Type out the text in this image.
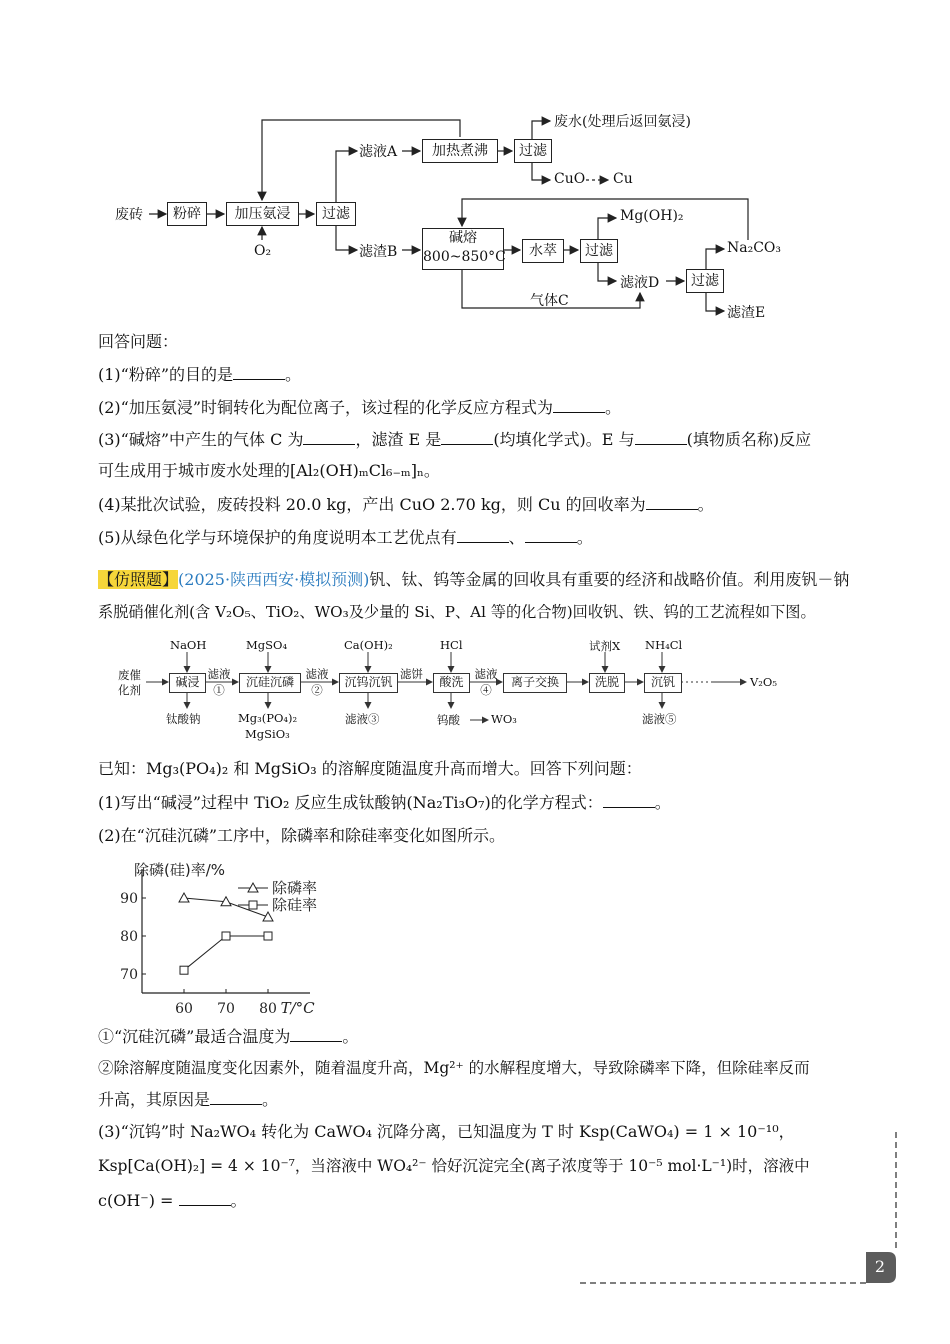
废砖	粉碎	加压氨浸
O₂
过滤
滤液A	加热煮沸	过滤
废水(处理后返回氨浸)
CuO Cu
滤渣B
碱熔
800~850°C	水萃	过滤
Mg(OH)₂
滤液D	过滤
Na₂CO₃
滤渣E
气体C
回答问题：
(1)“粉碎”的目的是	。
(2)“加压氨浸”时铜转化为配位离子，该过程的化学反应方程式为	。
(3)“碱熔”中产生的气体 C 为	，滤渣 E 是	(均填化学式)。E 与	(填物质名称)反应
可生成用于城市废水处理的[Al₂(OH)ₘCl₆₋ₘ]ₙ。
(4)某批次试验，废砖投料 20.0 kg，产出 CuO 2.70 kg，则 Cu 的回收率为	。
(5)从绿色化学与环境保护的角度说明本工艺优点有	、	。
【仿照题】(2025·陕西西安·模拟预测)钒、钛、钨等金属的回收具有重要的经济和战略价值。利用废钒－钠
系脱硝催化剂(含 V₂O₅、TiO₂、WO₃及少量的 Si、P、Al 等的化合物)回收钒、铁、钨的工艺流程如下图。
废催化剂
NaOH
碱浸
滤液①
钛酸钠
MgSO₄
沉硅沉磷
Mg₃(PO₄)₂
MgSiO₃
滤液②
Ca(OH)₂
沉钨沉钒
滤液③
滤饼
HCl
酸洗
钨酸	WO₃
滤液④
离子交换
试剂X
洗脱
NH₄Cl
沉钒
滤液⑤
V₂O₅
已知：Mg₃(PO₄)₂ 和 MgSiO₃ 的溶解度随温度升高而增大。回答下列问题：
(1)写出“碱浸”过程中 TiO₂ 反应生成钛酸钠(Na₂Ti₃O₇)的化学方程式：	。
(2)在“沉硅沉磷”工序中，除磷率和除硅率变化如图所示。
除磷(硅)率/%
T/°C
70
80
90
60 70 80
除磷率
除硅率
①“沉硅沉磷”最适合温度为	。
②除溶解度随温度变化因素外，随着温度升高，Mg²⁺ 的水解程度增大，导致除磷率下降，但除硅率反而
升高，其原因是	。
(3)“沉钨”时 Na₂WO₄ 转化为 CaWO₄ 沉降分离，已知温度为 T 时 Ksp(CaWO₄) = 1 × 10⁻¹⁰，
Ksp[Ca(OH)₂] = 4 × 10⁻⁷，当溶液中 WO₄²⁻ 恰好沉淀完全(离子浓度等于 10⁻⁵ mol·L⁻¹)时，溶液中
c(OH⁻) =	。
2
